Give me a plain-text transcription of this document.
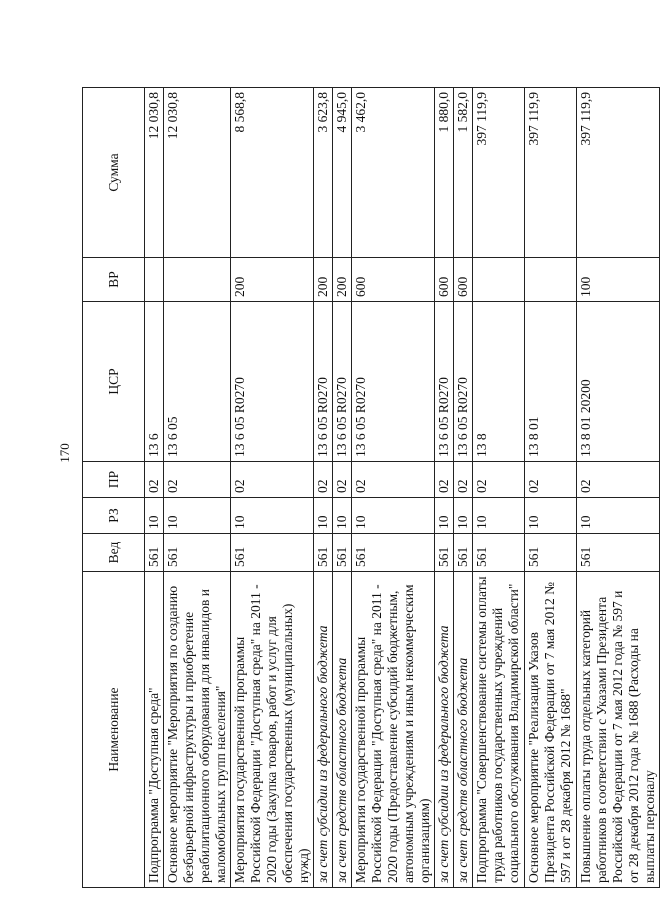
170
Наименование	Вед	РЗ	ПР	ЦСР	ВР	Сумма
Подпрограмма "Доступная среда"	561	10	02	13 6		12 030,8
Основное мероприятие "Мероприятия по созданию безбарьерной инфраструктуры и приобретение реабилитационного оборудования для инвалидов и маломобильных групп населения"	561	10	02	13 6 05		12 030,8
Мероприятия государственной программы Российской Федерации "Доступная среда" на 2011 - 2020 годы (Закупка товаров, работ и услуг для обеспечения государственных (муниципальных) нужд)	561	10	02	13 6 05 R0270	200	8 568,8
за счет субсидии из федерального бюджета	561	10	02	13 6 05 R0270	200	3 623,8
за счет средств областного бюджета	561	10	02	13 6 05 R0270	200	4 945,0
Мероприятия государственной программы Российской Федерации "Доступная среда" на 2011 - 2020 годы (Предоставление субсидий бюджетным, автономным учреждениям и иным некоммерческим организациям)	561	10	02	13 6 05 R0270	600	3 462,0
за счет субсидии из федерального бюджета	561	10	02	13 6 05 R0270	600	1 880,0
за счет средств областного бюджета	561	10	02	13 6 05 R0270	600	1 582,0
Подпрограмма "Совершенствование системы оплаты труда работников государственных учреждений социального обслуживания Владимирской области"	561	10	02	13 8		397 119,9
Основное мероприятие "Реализация Указов Президента Российской Федерации от 7 мая 2012 № 597 и от 28 декабря 2012 № 1688"	561	10	02	13 8 01		397 119,9
Повышение оплаты труда отдельных категорий работников в соответствии с Указами Президента Российской Федерации от 7 мая 2012 года № 597 и от 28 декабря 2012 года № 1688 (Расходы на выплаты персоналу	561	10	02	13 8 01 20200	100	397 119,9
